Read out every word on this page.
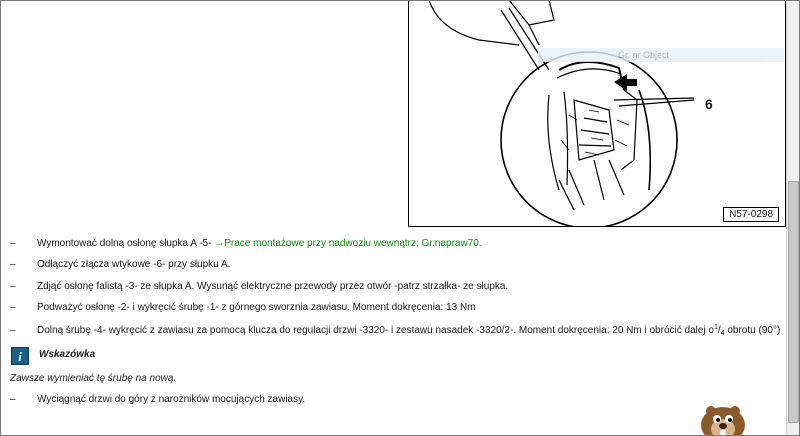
6
N57-0298
Gr. nr Object
– Wymontować dolną osłonę słupka A -5- →Prace montażowe przy nadwoziu wewnątrz; Gr.napraw70.
– Odłączyć złącza wtykowe -6- przy słupku A.
– Zdjąć osłonę falistą -3- ze słupka A. Wysunąć elektryczne przewody przez otwór -patrz strzałka- ze słupka.
– Podważyć osłonę -2- i wykręcić śrubę -1- z górnego sworznia zawiasu. Moment dokręcenia: 13 Nm
– Dolną śrubę -4- wykręcić z zawiasu za pomocą klucza do regulacji drzwi -3320- i zestawu nasadek -3320/2-. Moment dokręcenia: 20 Nm i obrócić dalej $o^1/_4$ obrotu (90°)
i	Wskazówka
Zawsze wymieniać tę śrubę na nową.
– Wyciągnąć drzwi do góry z narożników mocujących zawiasy.
